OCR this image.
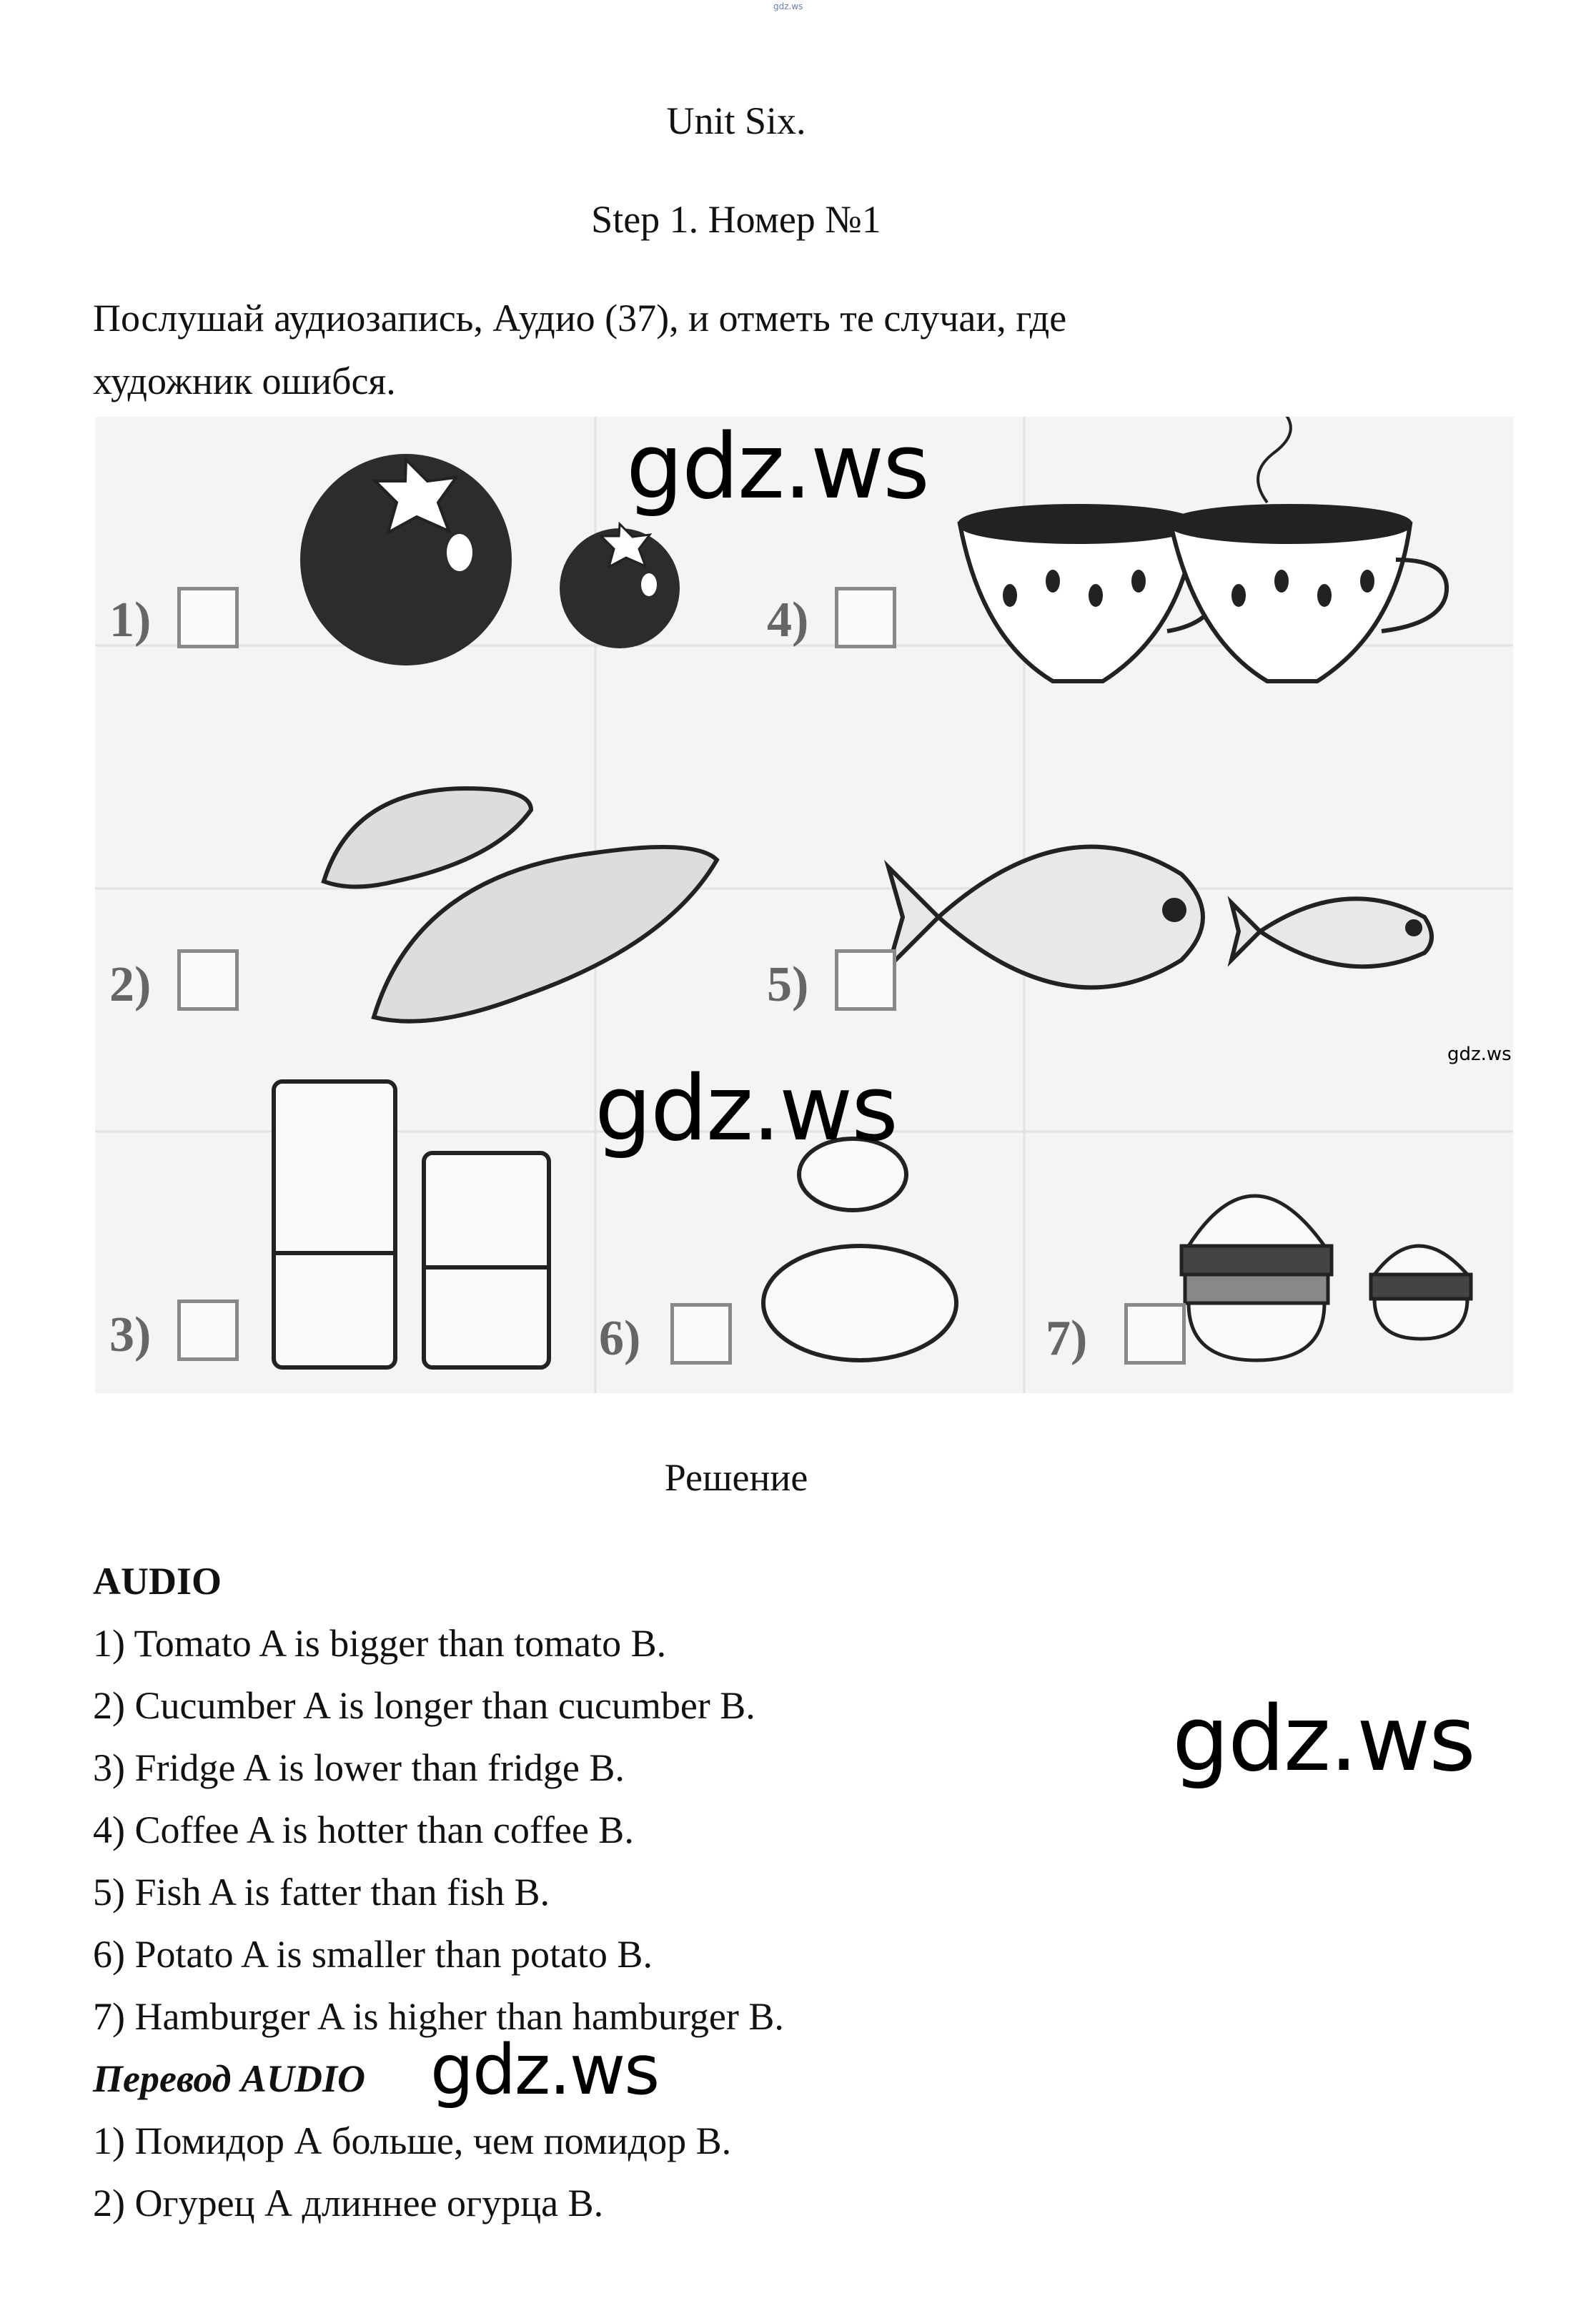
gdz.ws
Unit Six.
Step 1. Номер №1
Послушай аудиозапись, Аудио (37), и отметь те случаи, где
художник ошибся.
1)
2)
3)
4)
5)
6)	7)
Решение
AUDIO
1) Tomato A is bigger than tomato B.
2) Cucumber A is longer than cucumber B.
3) Fridge A is lower than fridge B.
4) Coffee A is hotter than coffee B.
5) Fish A is fatter than fish B.
6) Potato A is smaller than potato B.
7) Hamburger A is higher than hamburger B.
Перевод AUDIO
1) Помидор А больше, чем помидор В.
2) Огурец А длиннее огурца В.
gdz.ws
gdz.ws
gdz.ws
gdz.ws
gdz.ws
